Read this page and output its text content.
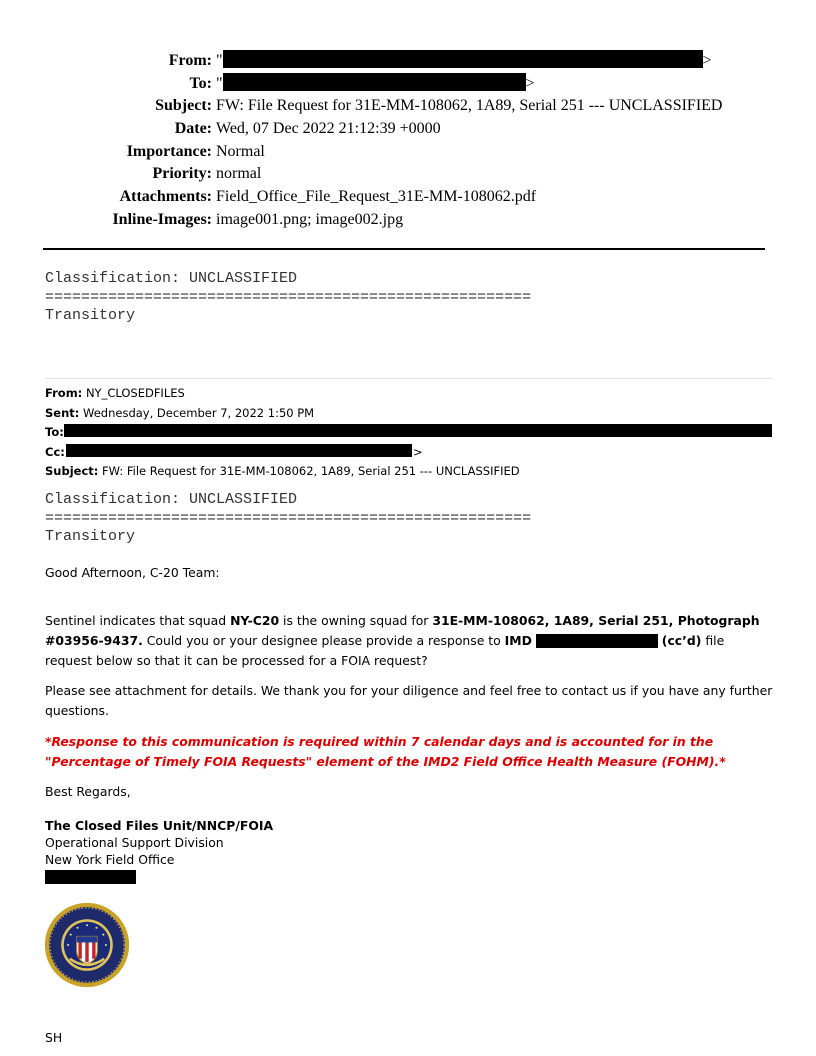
From: "	>
To: "	>
Subject: FW: File Request for 31E-MM-108062, 1A89, Serial 251 --- UNCLASSIFIED
Date: Wed, 07 Dec 2022 21:12:39 +0000
Importance: Normal
Priority: normal
Attachments: Field_Office_File_Request_31E-MM-108062.pdf
Inline-Images: image001.png; image002.jpg
Classification: UNCLASSIFIED
======================================================
Transitory
From: NY_CLOSEDFILES
Sent: Wednesday, December 7, 2022 1:50 PM
To:
Cc:	>
Subject: FW: File Request for 31E-MM-108062, 1A89, Serial 251 --- UNCLASSIFIED
Classification: UNCLASSIFIED
======================================================
Transitory
Good Afternoon, C-20 Team:
Sentinel indicates that squad NY-C20 is the owning squad for 31E-MM-108062, 1A89, Serial 251, Photograph #03956-9437. Could you or your designee please provide a response to IMD	(cc’d) file request below so that it can be processed for a FOIA request?
Please see attachment for details. We thank you for your diligence and feel free to contact us if you have any further questions.
*Response to this communication is required within 7 calendar days and is accounted for in the "Percentage of Timely FOIA Requests" element of the IMD2 Field Office Health Measure (FOHM).*
Best Regards,
The Closed Files Unit/NNCP/FOIA
Operational Support Division
New York Field Office
SH
